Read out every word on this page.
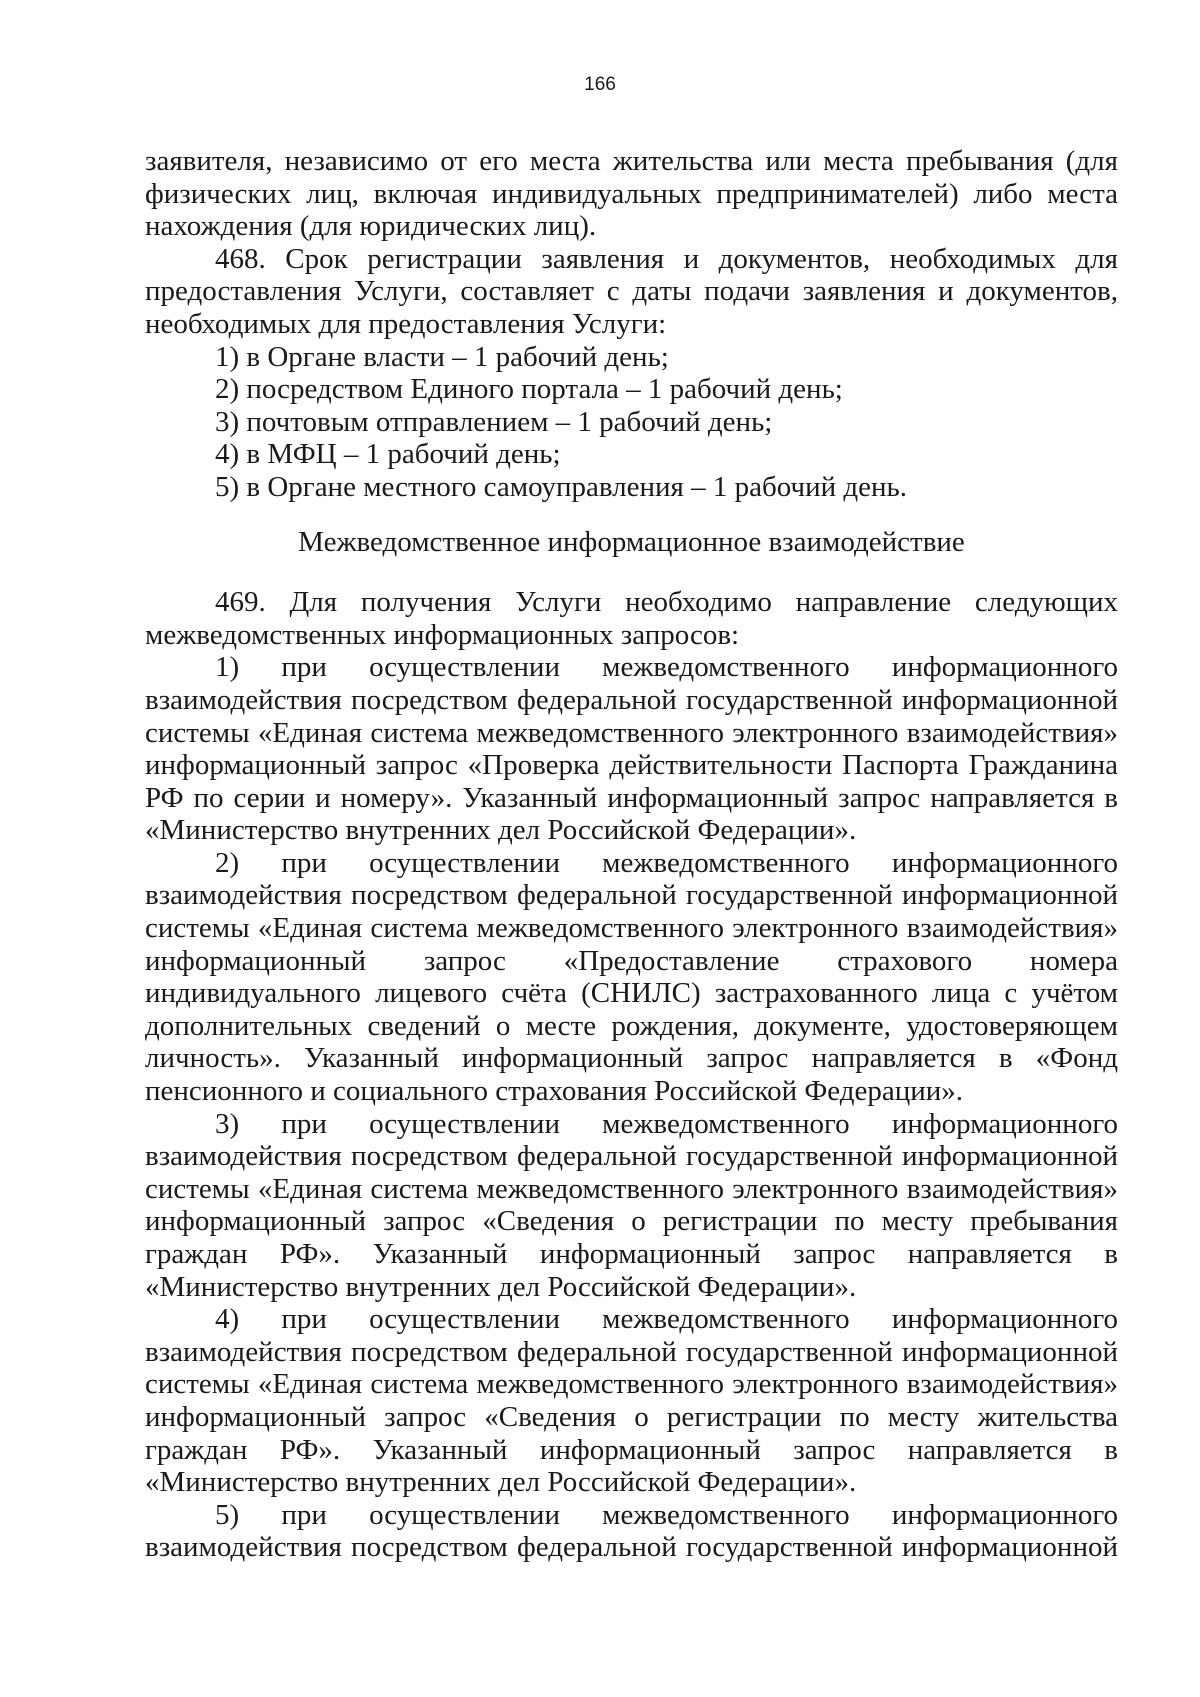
166

заявителя, независимо от его места жительства или места пребывания (для физических лиц, включая индивидуальных предпринимателей) либо места нахождения (для юридических лиц).

468. Срок регистрации заявления и документов, необходимых для предоставления Услуги, составляет с даты подачи заявления и документов, необходимых для предоставления Услуги:

1) в Органе власти – 1 рабочий день;

2) посредством Единого портала – 1 рабочий день;

3) почтовым отправлением – 1 рабочий день;

4) в МФЦ – 1 рабочий день;

5) в Органе местного самоуправления – 1 рабочий день.

Межведомственное информационное взаимодействие

469. Для получения Услуги необходимо направление следующих межведомственных информационных запросов:

1) при осуществлении межведомственного информационного взаимодействия посредством федеральной государственной информационной системы «Единая система межведомственного электронного взаимодействия» информационный запрос «Проверка действительности Паспорта Гражданина РФ по серии и номеру». Указанный информационный запрос направляется в «Министерство внутренних дел Российской Федерации».

2) при осуществлении межведомственного информационного взаимодействия посредством федеральной государственной информационной системы «Единая система межведомственного электронного взаимодействия» информационный запрос «Предоставление страхового номера индивидуального лицевого счёта (СНИЛС) застрахованного лица с учётом дополнительных сведений о месте рождения, документе, удостоверяющем личность». Указанный информационный запрос направляется в «Фонд пенсионного и социального страхования Российской Федерации».

3) при осуществлении межведомственного информационного взаимодействия посредством федеральной государственной информационной системы «Единая система межведомственного электронного взаимодействия» информационный запрос «Сведения о регистрации по месту пребывания граждан РФ». Указанный информационный запрос направляется в «Министерство внутренних дел Российской Федерации».

4) при осуществлении межведомственного информационного взаимодействия посредством федеральной государственной информационной системы «Единая система межведомственного электронного взаимодействия» информационный запрос «Сведения о регистрации по месту жительства граждан РФ». Указанный информационный запрос направляется в «Министерство внутренних дел Российской Федерации».

5) при осуществлении межведомственного информационного взаимодействия посредством федеральной государственной информационной
